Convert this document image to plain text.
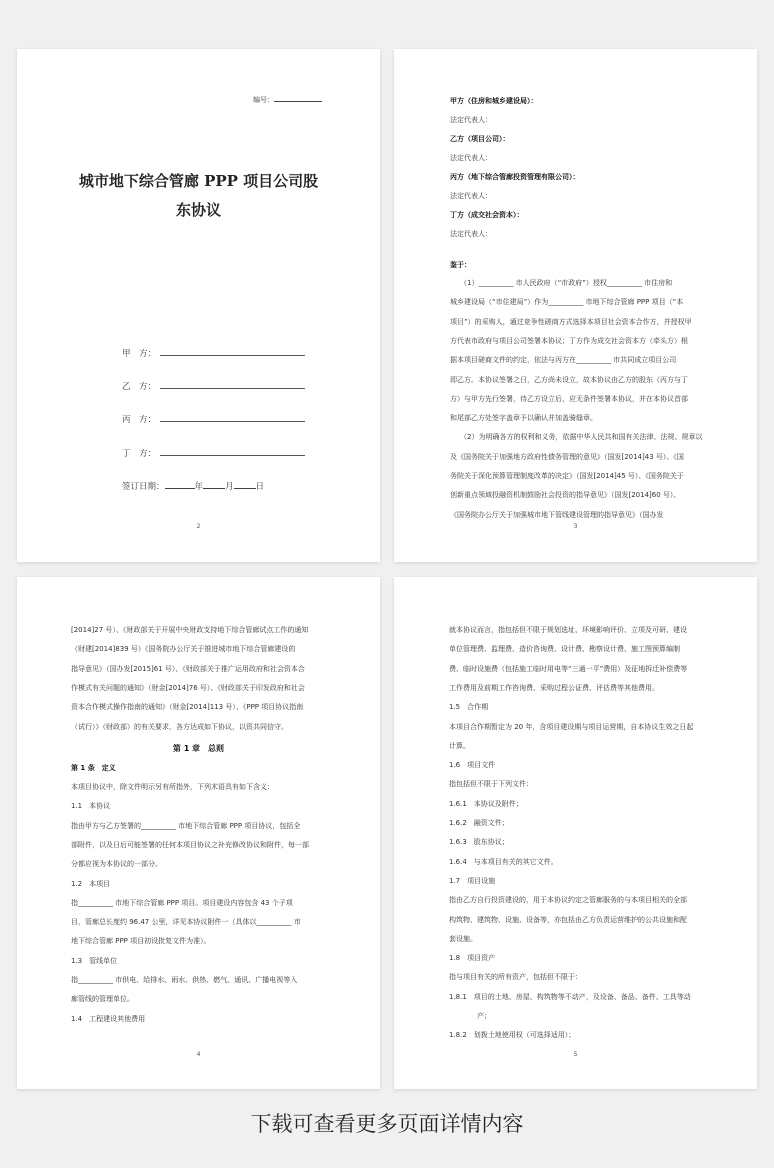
编号：
城市地下综合管廊 PPP 项目公司股
东协议
甲　方：
乙　方：
丙　方：
丁　方：
签订日期：	年	月	日
2
甲方（住房和城乡建设局）：
法定代表人：
乙方（项目公司）：
法定代表人：
丙方（地下综合管廊投资管理有限公司）：
法定代表人：
丁方（成交社会资本）：
法定代表人：
鉴于：
（1）__________ 市人民政府（“市政府”）授权__________ 市住房和
城乡建设局（“市住建局”）作为__________ 市地下综合管廊 PPP 项目（“本
项目”）的采购人，通过竞争性磋商方式选择本项目社会资本合作方，并授权甲
方代表市政府与项目公司签署本协议；丁方作为成交社会资本方（牵头方）根
据本项目磋商文件的约定，依法与丙方在__________ 市共同成立项目公司
即乙方。本协议签署之日，乙方尚未设立，故本协议由乙方的股东（丙方与丁
方）与甲方先行签署，待乙方设立后，应无条件签署本协议，并在本协议首部
和尾部乙方处签字盖章予以确认并加盖骑缝章。
（2）为明确各方的权利和义务，依据中华人民共和国有关法律、法规、规章以
及《国务院关于加强地方政府性债务管理的意见》（国发[2014]43 号）、《国
务院关于深化预算管理制度改革的决定》（国发[2014]45 号）、《国务院关于
创新重点领域投融资机制鼓励社会投资的指导意见》（国发[2014]60 号）、
《国务院办公厅关于加强城市地下管线建设管理的指导意见》（国办发
3
[2014]27 号）、《财政部关于开展中央财政支持地下综合管廊试点工作的通知
（财建[2014]839 号）《国务院办公厅关于推进城市地下综合管廊建设的
指导意见》（国办发[2015]61 号）、《财政部关于推广运用政府和社会资本合
作模式有关问题的通知》（财金[2014]76 号）、《财政部关于印发政府和社会
资本合作模式操作指南的通知》（财金[2014]113 号）、《PPP 项目协议指南
（试行）》（财政部）的有关要求，各方达成如下协议，以资共同信守。
第 1 章　总则
第 1 条　定义
本项目协议中，除文件明示另有所指外，下列术语具有如下含义：
1.1　本协议
指由甲方与乙方签署的__________ 市地下综合管廊 PPP 项目协议，包括全
部附件，以及日后可能签署的任何本项目协议之补充修改协议和附件，每一部
分都应视为本协议的一部分。
1.2　本项目
指__________ 市地下综合管廊 PPP 项目。项目建设内容包含 43 个子项
目，管廊总长度约 96.47 公里，详见本协议附件一（具体以__________ 市
地下综合管廊 PPP 项目初设批复文件为准）。
1.3　管线单位
指__________ 市供电、给排水、雨水、供热、燃气、通讯、广播电视等入
廊管线的管理单位。
1.4　工程建设其他费用
4
就本协议而言，指包括但不限于规划选址、环境影响评价、立项及可研、建设
单位管理费、监理费、造价咨询费、设计费、勘察设计费、施工图预算编制
费、临时设施费（包括施工临时用电等“三通一平”费用）及征地拆迁补偿费等
工作费用及前期工作咨询费、采购过程公证费、评估费等其他费用。
1.5　合作期
本项目合作期暂定为 20 年，含项目建设期与项目运营期，自本协议生效之日起
计算。
1.6　项目文件
指包括但不限于下列文件：
1.6.1　本协议及附件；
1.6.2　融资文件；
1.6.3　股东协议；
1.6.4　与本项目有关的其它文件。
1.7　项目设施
指由乙方自行投资建设的，用于本协议约定之管廊服务的与本项目相关的全部
构筑物、建筑物、设施、设备等，亦包括由乙方负责运营维护的公共设施和配
套设施。
1.8　项目资产
指与项目有关的所有资产，包括但不限于：
1.8.1　项目的土地、房屋、构筑物等不动产，及设备、备品、备件、工具等动
　　　　产；
1.8.2　划拨土地使用权（可选择适用）；
5
下载可查看更多页面详情内容
